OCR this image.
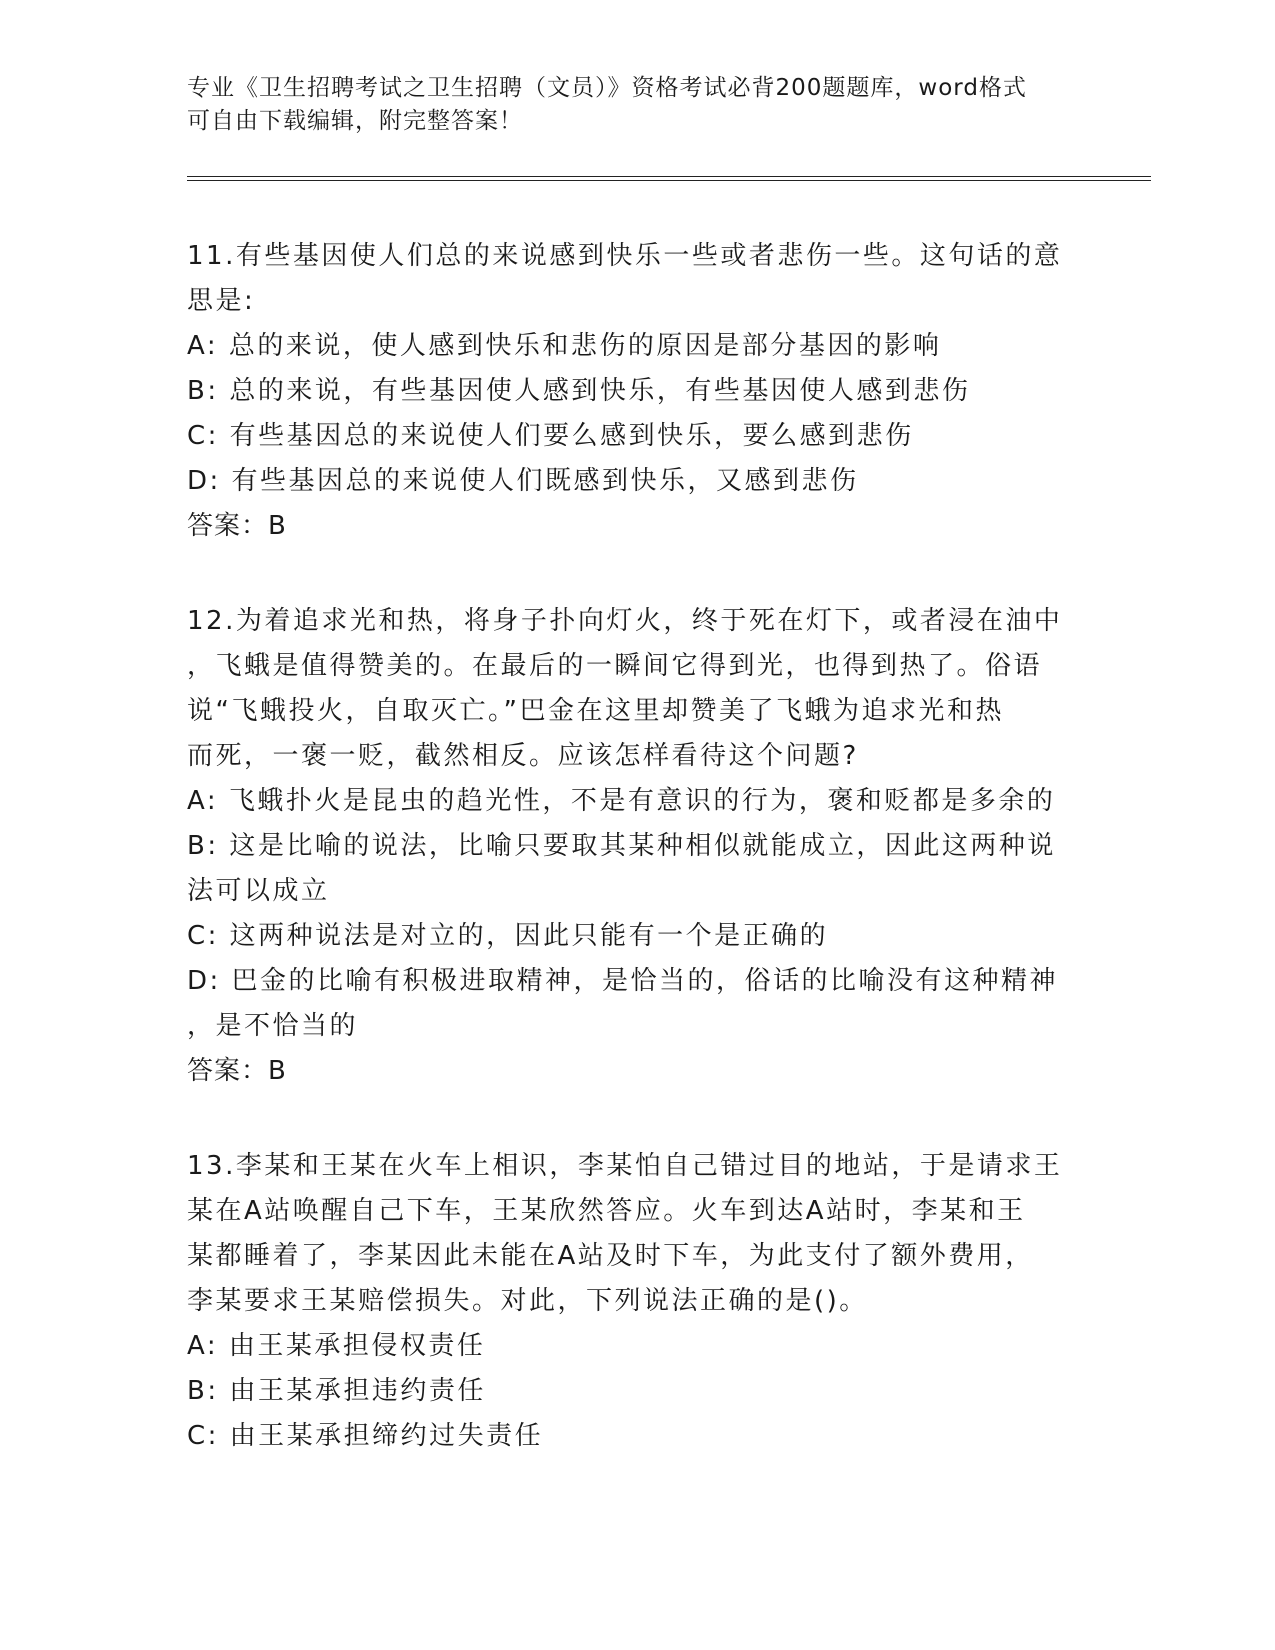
专业《卫生招聘考试之卫生招聘（文员）》资格考试必背200题题库，word格式
可自由下载编辑，附完整答案！
11.有些基因使人们总的来说感到快乐一些或者悲伤一些。这句话的意
思是:
A: 总的来说，使人感到快乐和悲伤的原因是部分基因的影响
B: 总的来说，有些基因使人感到快乐，有些基因使人感到悲伤
C: 有些基因总的来说使人们要么感到快乐，要么感到悲伤
D: 有些基因总的来说使人们既感到快乐，又感到悲伤
答案：B
12.为着追求光和热，将身子扑向灯火，终于死在灯下，或者浸在油中
，飞蛾是值得赞美的。在最后的一瞬间它得到光，也得到热了。俗语
说“飞蛾投火，自取灭亡。”巴金在这里却赞美了飞蛾为追求光和热
而死，一褒一贬，截然相反。应该怎样看待这个问题?
A: 飞蛾扑火是昆虫的趋光性，不是有意识的行为，褒和贬都是多余的
B: 这是比喻的说法，比喻只要取其某种相似就能成立，因此这两种说
法可以成立
C: 这两种说法是对立的，因此只能有一个是正确的
D: 巴金的比喻有积极进取精神，是恰当的，俗话的比喻没有这种精神
，是不恰当的
答案：B
13.李某和王某在火车上相识，李某怕自己错过目的地站，于是请求王
某在A站唤醒自己下车，王某欣然答应。火车到达A站时，李某和王
某都睡着了，李某因此未能在A站及时下车，为此支付了额外费用，
李某要求王某赔偿损失。对此，下列说法正确的是()。
A: 由王某承担侵权责任
B: 由王某承担违约责任
C: 由王某承担缔约过失责任
